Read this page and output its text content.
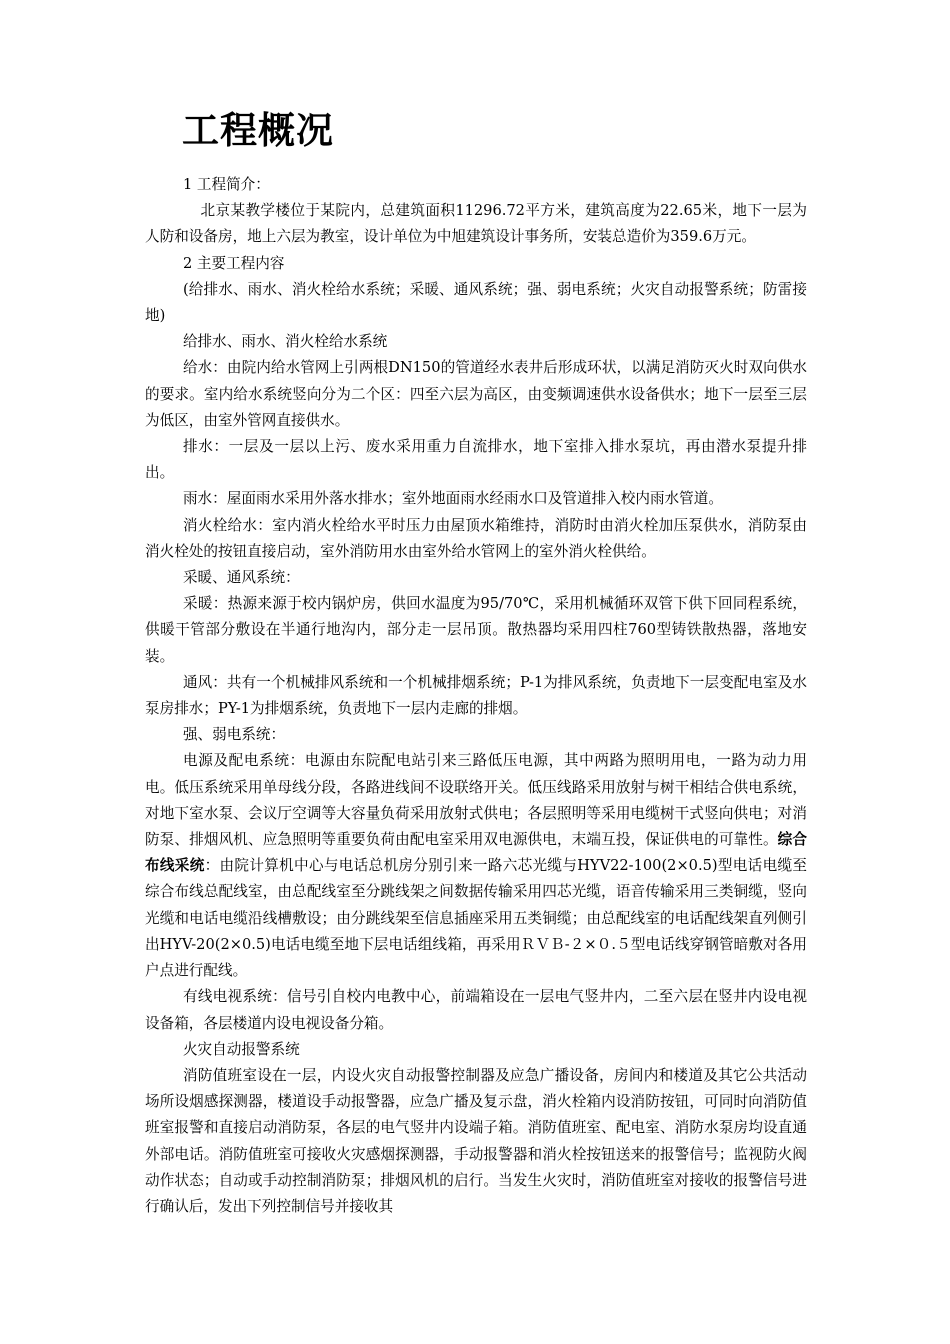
工程概况

1 工程简介：

北京某教学楼位于某院内，总建筑面积11296.72平方米，建筑高度为22.65米，地下一层为人防和设备房，地上六层为教室，设计单位为中旭建筑设计事务所，安装总造价为359.6万元。

2 主要工程内容

(给排水、雨水、消火栓给水系统；采暖、通风系统；强、弱电系统；火灾自动报警系统；防雷接地)

给排水、雨水、消火栓给水系统

给水：由院内给水管网上引两根DN150的管道经水表井后形成环状，以满足消防灭火时双向供水的要求。室内给水系统竖向分为二个区：四至六层为高区，由变频调速供水设备供水；地下一层至三层为低区，由室外管网直接供水。

排水：一层及一层以上污、废水采用重力自流排水，地下室排入排水泵坑，再由潜水泵提升排出。

雨水：屋面雨水采用外落水排水；室外地面雨水经雨水口及管道排入校内雨水管道。

消火栓给水：室内消火栓给水平时压力由屋顶水箱维持，消防时由消火栓加压泵供水，消防泵由消火栓处的按钮直接启动，室外消防用水由室外给水管网上的室外消火栓供给。

采暖、通风系统：

采暖：热源来源于校内锅炉房，供回水温度为95/70℃，采用机械循环双管下供下回同程系统，供暖干管部分敷设在半通行地沟内，部分走一层吊顶。散热器均采用四柱760型铸铁散热器，落地安装。

通风：共有一个机械排风系统和一个机械排烟系统；P-1为排风系统，负责地下一层变配电室及水泵房排水；PY-1为排烟系统，负责地下一层内走廊的排烟。

强、弱电系统：

电源及配电系统：电源由东院配电站引来三路低压电源，其中两路为照明用电，一路为动力用电。低压系统采用单母线分段，各路进线间不设联络开关。低压线路采用放射与树干相结合供电系统，对地下室水泵、会议厅空调等大容量负荷采用放射式供电；各层照明等采用电缆树干式竖向供电；对消防泵、排烟风机、应急照明等重要负荷由配电室采用双电源供电，末端互投，保证供电的可靠性。综合布线采统：由院计算机中心与电话总机房分别引来一路六芯光缆与HYV22-100(2×0.5)型电话电缆至综合布线总配线室，由总配线室至分跳线架之间数据传输采用四芯光缆，语音传输采用三类铜缆，竖向光缆和电话电缆沿线槽敷设；由分跳线架至信息插座采用五类铜缆；由总配线室的电话配线架直列侧引出HYV-20(2×0.5)电话电缆至地下层电话组线箱，再采用ＲＶＢ-２×０.５型电话线穿钢管暗敷对各用户点进行配线。

有线电视系统：信号引自校内电教中心，前端箱设在一层电气竖井内，二至六层在竖井内设电视设备箱，各层楼道内设电视设备分箱。

火灾自动报警系统

消防值班室设在一层，内设火灾自动报警控制器及应急广播设备，房间内和楼道及其它公共活动场所设烟感探测器，楼道设手动报警器，应急广播及复示盘，消火栓箱内设消防按钮，可同时向消防值班室报警和直接启动消防泵，各层的电气竖井内设端子箱。消防值班室、配电室、消防水泵房均设直通外部电话。消防值班室可接收火灾感烟探测器，手动报警器和消火栓按钮送来的报警信号；监视防火阀动作状态；自动或手动控制消防泵；排烟风机的启行。当发生火灾时，消防值班室对接收的报警信号进行确认后，发出下列控制信号并接收其
